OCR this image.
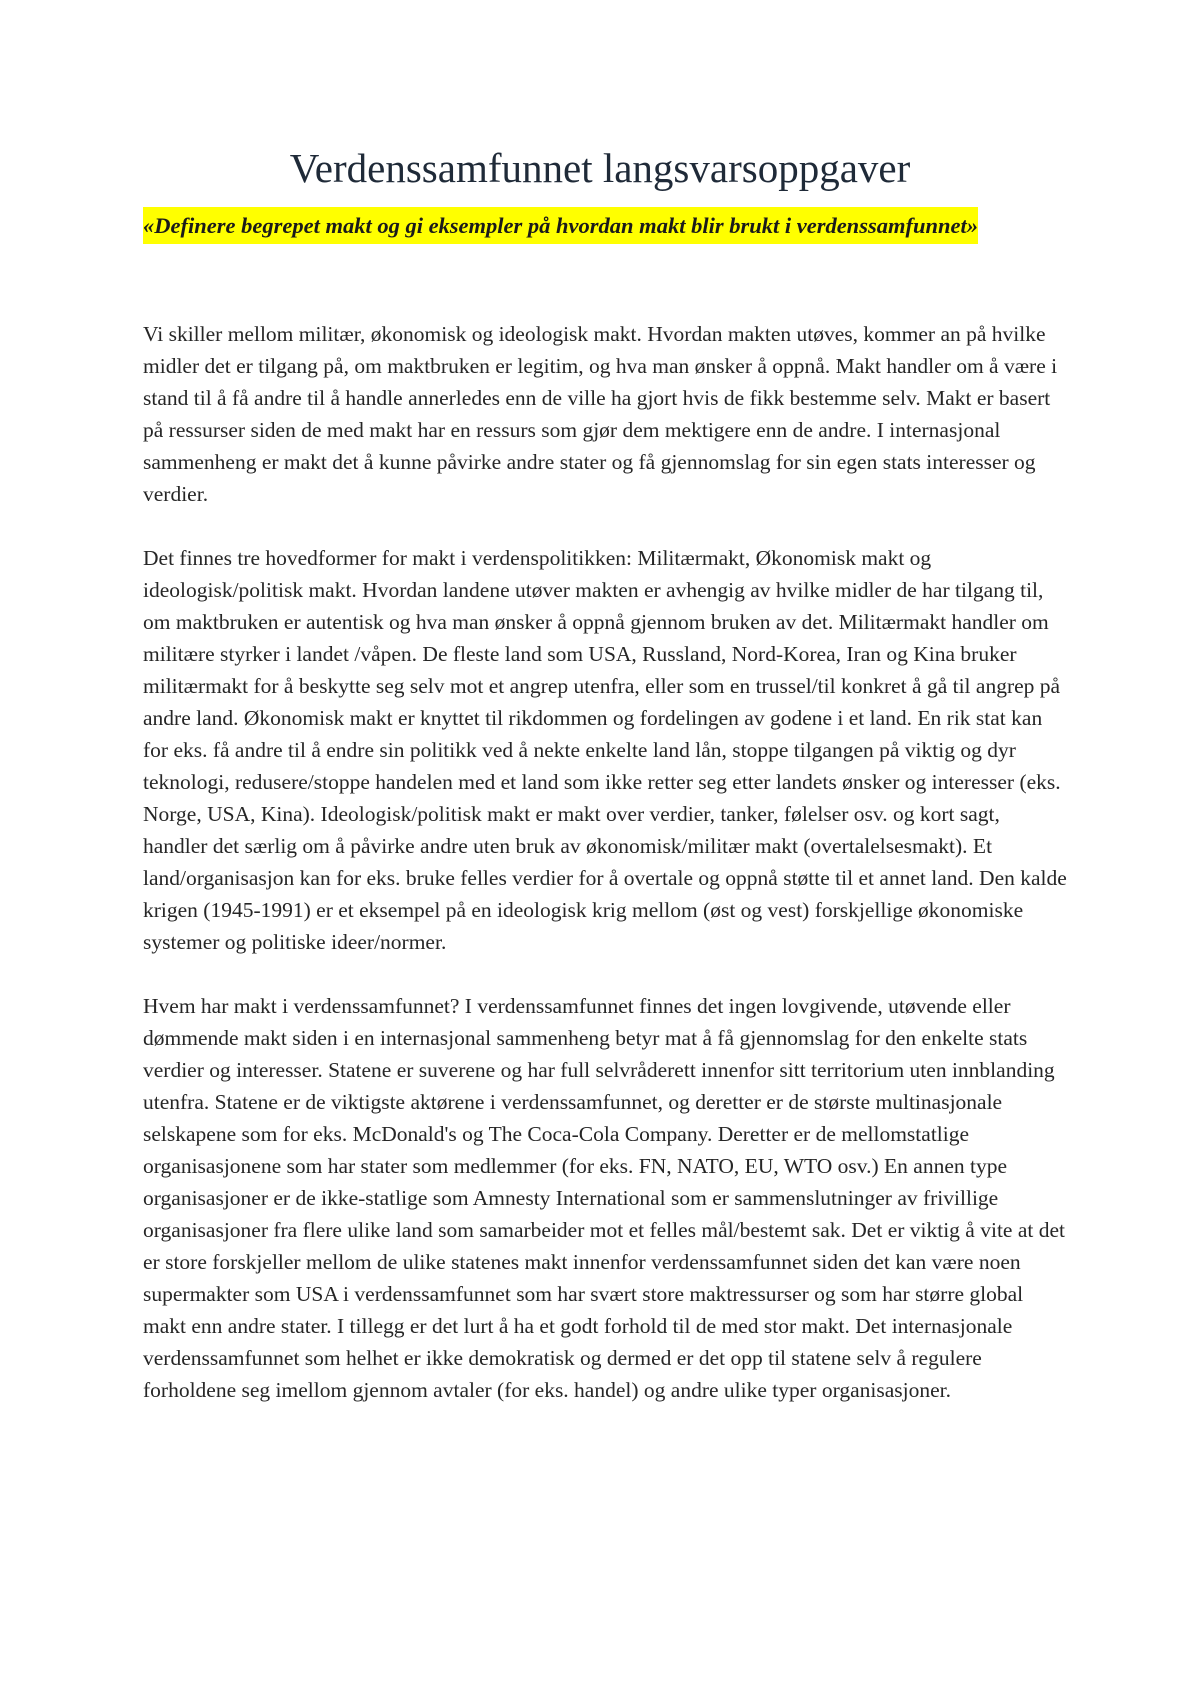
Verdenssamfunnet langsvarsoppgaver

«Definere begrepet makt og gi eksempler på hvordan makt blir brukt i verdenssamfunnet»

Vi skiller mellom militær, økonomisk og ideologisk makt. Hvordan makten utøves, kommer an på hvilke midler det er tilgang på, om maktbruken er legitim, og hva man ønsker å oppnå. Makt handler om å være i stand til å få andre til å handle annerledes enn de ville ha gjort hvis de fikk bestemme selv. Makt er basert på ressurser siden de med makt har en ressurs som gjør dem mektigere enn de andre. I internasjonal sammenheng er makt det å kunne påvirke andre stater og få gjennomslag for sin egen stats interesser og verdier.

Det finnes tre hovedformer for makt i verdenspolitikken: Militærmakt, Økonomisk makt og ideologisk/politisk makt. Hvordan landene utøver makten er avhengig av hvilke midler de har tilgang til, om maktbruken er autentisk og hva man ønsker å oppnå gjennom bruken av det. Militærmakt handler om militære styrker i landet /våpen. De fleste land som USA, Russland, Nord-Korea, Iran og Kina bruker militærmakt for å beskytte seg selv mot et angrep utenfra, eller som en trussel/til konkret å gå til angrep på andre land. Økonomisk makt er knyttet til rikdommen og fordelingen av godene i et land. En rik stat kan for eks. få andre til å endre sin politikk ved å nekte enkelte land lån, stoppe tilgangen på viktig og dyr teknologi, redusere/stoppe handelen med et land som ikke retter seg etter landets ønsker og interesser (eks. Norge, USA, Kina). Ideologisk/politisk makt er makt over verdier, tanker, følelser osv. og kort sagt, handler det særlig om å påvirke andre uten bruk av økonomisk/militær makt (overtalelsesmakt). Et land/organisasjon kan for eks. bruke felles verdier for å overtale og oppnå støtte til et annet land. Den kalde krigen (1945-1991) er et eksempel på en ideologisk krig mellom (øst og vest) forskjellige økonomiske systemer og politiske ideer/normer.

Hvem har makt i verdenssamfunnet? I verdenssamfunnet finnes det ingen lovgivende, utøvende eller dømmende makt siden i en internasjonal sammenheng betyr mat å få gjennomslag for den enkelte stats verdier og interesser. Statene er suverene og har full selvråderett innenfor sitt territorium uten innblanding utenfra. Statene er de viktigste aktørene i verdenssamfunnet, og deretter er de største multinasjonale selskapene som for eks. McDonald's og The Coca-Cola Company. Deretter er de mellomstatlige organisasjonene som har stater som medlemmer (for eks. FN, NATO, EU, WTO osv.) En annen type organisasjoner er de ikke-statlige som Amnesty International som er sammenslutninger av frivillige organisasjoner fra flere ulike land som samarbeider mot et felles mål/bestemt sak. Det er viktig å vite at det er store forskjeller mellom de ulike statenes makt innenfor verdenssamfunnet siden det kan være noen supermakter som USA i verdenssamfunnet som har svært store maktressurser og som har større global makt enn andre stater. I tillegg er det lurt å ha et godt forhold til de med stor makt. Det internasjonale verdenssamfunnet som helhet er ikke demokratisk og dermed er det opp til statene selv å regulere forholdene seg imellom gjennom avtaler (for eks. handel) og andre ulike typer organisasjoner.
